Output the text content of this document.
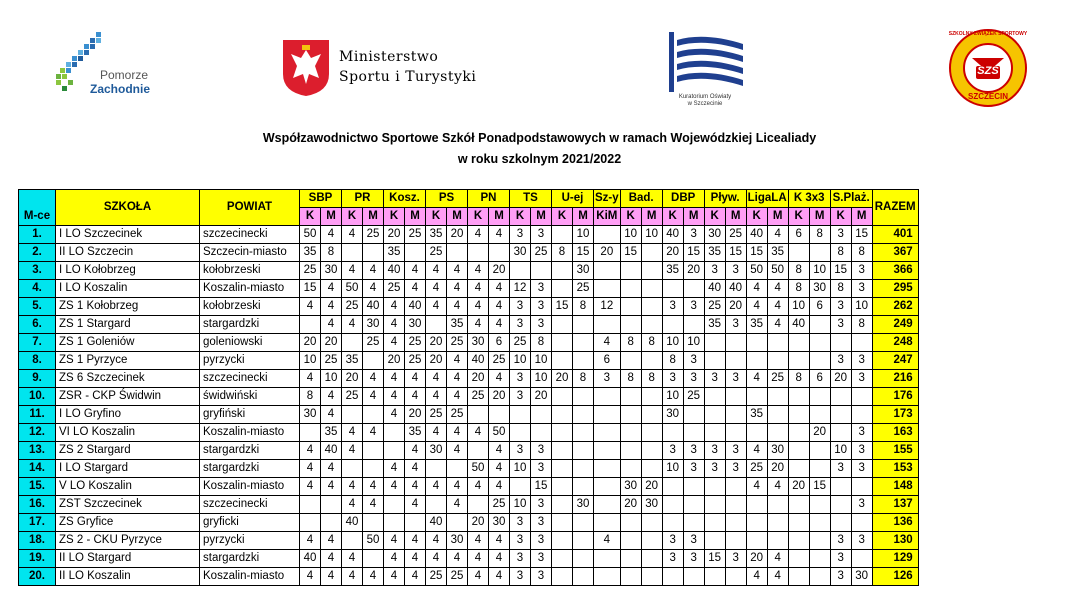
Pomorze
Zachodnie
Ministerstwo
Sportu i Turystyki
Kuratorium Oświaty
w Szczecinie
SZS
SZKOLNY ZWIĄZEK SPORTOWY
SZCZECIN
Współzawodnictwo Sportowe Szkół Ponadpodstawowych w ramach Wojewódzkiej Licealiady
w roku szkolnym 2021/2022
M-ce	SZKOŁA	POWIAT	SBP		PR		Kosz.		PS		PN		TS		U-ej		Sz-y	Bad.		DBP		Pływ.		LigaLA		K 3x3		S.Plaż.		RAZEM
			K	M	K	M	K	M	K	M	K	M	K	M	K	M	KiM	K	M	K	M	K	M	K	M	K	M	K	M	
1.	I LO Szczecinek	szczecinecki	50	4	4	25	20	25	35	20	4	4	3	3		10		10	10	40	3	30	25	40	4	6	8	3	15	401
2.	II LO Szczecin	Szczecin-miasto	35	8			35		25				30	25	8	15	20	15		20	15	35	15	15	35			8	8	367
3.	I LO Kołobrzeg	kołobrzeski	25	30	4	4	40	4	4	4	4	20				30				35	20	3	3	50	50	8	10	15	3	366
4.	I LO Koszalin	Koszalin-miasto	15	4	50	4	25	4	4	4	4	4	12	3		25						40	40	4	4	8	30	8	3	295
5.	ZS 1 Kołobrzeg	kołobrzeski	4	4	25	40	4	40	4	4	4	4	3	3	15	8	12			3	3	25	20	4	4	10	6	3	10	262
6.	ZS 1 Stargard	stargardzki		4	4	30	4	30		35	4	4	3	3								35	3	35	4	40		3	8	249
7.	ZS 1 Goleniów	goleniowski	20	20		25	4	25	20	25	30	6	25	8			4	8	8	10	10									248
8.	ZS 1 Pyrzyce	pyrzycki	10	25	35		20	25	20	4	40	25	10	10			6			8	3							3	3	247
9.	ZS 6 Szczecinek	szczecinecki	4	10	20	4	4	4	4	4	20	4	3	10	20	8	3	8	8	3	3	3	3	4	25	8	6	20	3	216
10.	ZSR - CKP Świdwin	świdwiński	8	4	25	4	4	4	4	4	25	20	3	20						10	25									176
11.	I LO Gryfino	gryfiński	30	4			4	20	25	25										30				35						173
12.	VI LO Koszalin	Koszalin-miasto		35	4	4		35	4	4	4	50															20		3	163
13.	ZS 2 Stargard	stargardzki	4	40	4			4	30	4		4	3	3						3	3	3	3	4	30			10	3	155
14.	I LO Stargard	stargardzki	4	4			4	4			50	4	10	3						10	3	3	3	25	20			3	3	153
15.	V LO Koszalin	Koszalin-miasto	4	4	4	4	4	4	4	4	4	4		15				30	20					4	4	20	15			148
16.	ZST Szczecinek	szczecinecki			4	4		4		4		25	10	3		30		20	30										3	137
17.	ZS Gryfice	gryficki			40				40		20	30	3	3																136
18.	ZS 2 - CKU Pyrzyce	pyrzycki	4	4		50	4	4	4	30	4	4	3	3			4			3	3							3	3	130
19.	II LO Stargard	stargardzki	40	4	4		4	4	4	4	4	4	3	3						3	3	15	3	20	4			3		129
20.	II LO Koszalin	Koszalin-miasto	4	4	4	4	4	4	25	25	4	4	3	3										4	4			3	30	126
